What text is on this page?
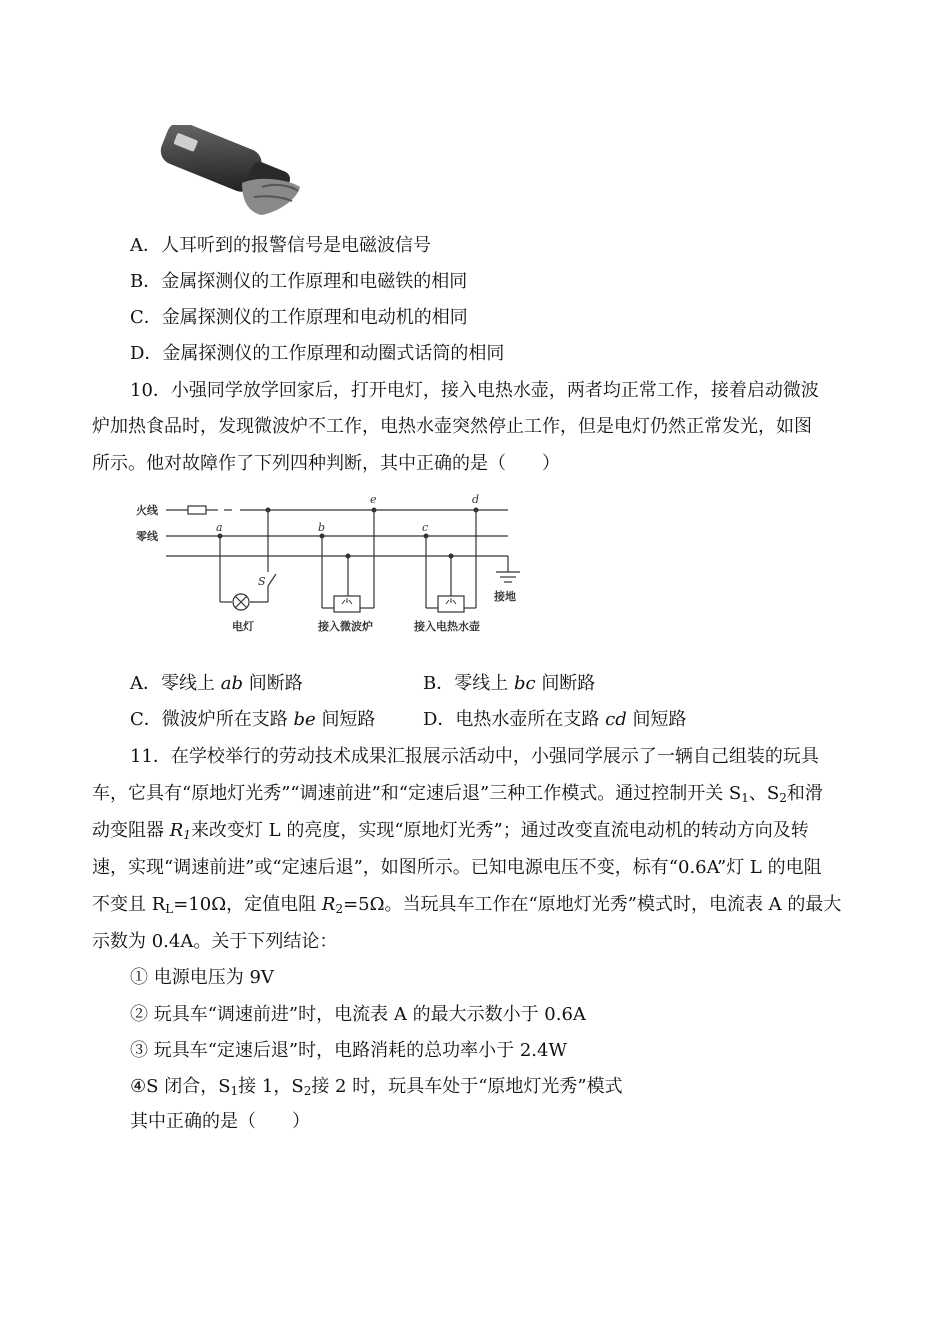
A．人耳听到的报警信号是电磁波信号
B．金属探测仪的工作原理和电磁铁的相同
C．金属探测仪的工作原理和电动机的相同
D．金属探测仪的工作原理和动圈式话筒的相同
10．小强同学放学回家后，打开电灯，接入电热水壶，两者均正常工作，接着启动微波
炉加热食品时，发现微波炉不工作，电热水壶突然停止工作，但是电灯仍然正常发光，如图
所示。他对故障作了下列四种判断，其中正确的是（　　）
火线
零线
接地
电灯	接入微波炉	接入电热水壶
a	b	c
d
e
S
A．零线上 ab 间断路	B．零线上 bc 间断路
C．微波炉所在支路 be 间短路	D．电热水壶所在支路 cd 间短路
11．在学校举行的劳动技术成果汇报展示活动中，小强同学展示了一辆自己组装的玩具
车，它具有“原地灯光秀”“调速前进”和“定速后退”三种工作模式。通过控制开关 $S_1$、$S_2$和滑
动变阻器 $R_1$来改变灯 L 的亮度，实现“原地灯光秀”；通过改变直流电动机的转动方向及转
速，实现“调速前进”或“定速后退”，如图所示。已知电源电压不变，标有“0.6A”灯 L 的电阻
不变且 $R_L=10\Omega$，定值电阻 $R_2=5\Omega$。当玩具车工作在“原地灯光秀”模式时，电流表 A 的最大
示数为 0.4A。关于下列结论：
① 电源电压为 9V
② 玩具车“调速前进”时，电流表 A 的最大示数小于 0.6A
③ 玩具车“定速后退”时，电路消耗的总功率小于 2.4W
④S 闭合，$S_1$接 1，$S_2$接 2 时，玩具车处于“原地灯光秀”模式
其中正确的是（　　）
